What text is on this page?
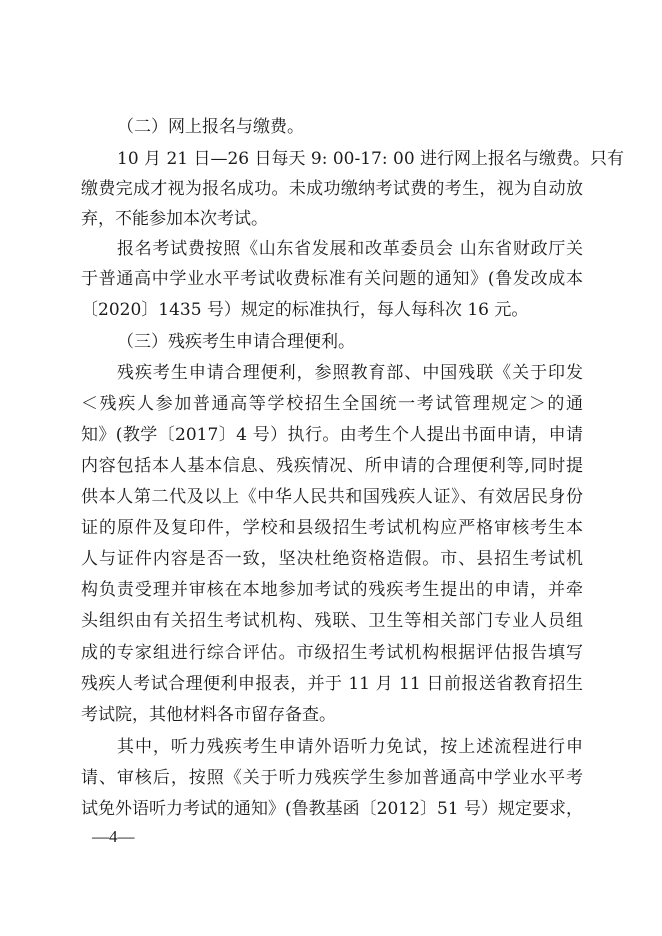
（二）网上报名与缴费。
10 月 21 日—26 日每天 9: 00-17: 00 进行网上报名与缴费。只有
缴费完成才视为报名成功。未成功缴纳考试费的考生，视为自动放
弃，不能参加本次考试。
报名考试费按照《山东省发展和改革委员会 山东省财政厅关
于普通高中学业水平考试收费标准有关问题的通知》(鲁发改成本
〔2020〕1435 号）规定的标准执行，每人每科次 16 元。
（三）残疾考生申请合理便利。
残疾考生申请合理便利，参照教育部、中国残联《关于印发
＜残疾人参加普通高等学校招生全国统一考试管理规定＞的通
知》(教学〔2017〕4 号）执行。由考生个人提出书面申请，申请
内容包括本人基本信息、残疾情况、所申请的合理便利等,同时提
供本人第二代及以上《中华人民共和国残疾人证》、有效居民身份
证的原件及复印件，学校和县级招生考试机构应严格审核考生本
人与证件内容是否一致，坚决杜绝资格造假。市、县招生考试机
构负责受理并审核在本地参加考试的残疾考生提出的申请，并牵
头组织由有关招生考试机构、残联、卫生等相关部门专业人员组
成的专家组进行综合评估。市级招生考试机构根据评估报告填写
残疾人考试合理便利申报表，并于 11 月 11 日前报送省教育招生
考试院，其他材料各市留存备查。
其中，听力残疾考生申请外语听力免试，按上述流程进行申
请、审核后，按照《关于听力残疾学生参加普通高中学业水平考
试免外语听力考试的通知》(鲁教基函〔2012〕51 号）规定要求，
—4—
